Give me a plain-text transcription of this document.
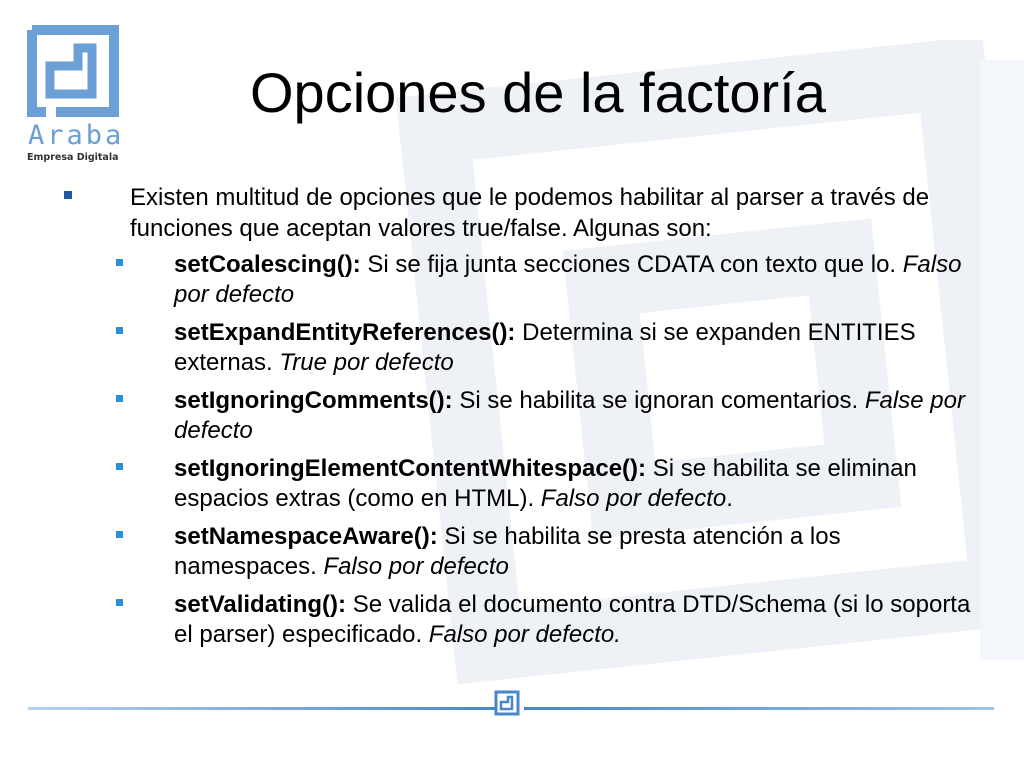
Araba
Empresa Digitala
Opciones de la factoría
Existen multitud de opciones que le podemos habilitar al parser a través de funciones que aceptan valores true/false. Algunas son:
setCoalescing(): Si se fija junta secciones CDATA con texto que lo. Falso por defecto
setExpandEntityReferences(): Determina si se expanden ENTITIES externas. True por defecto
setIgnoringComments(): Si se habilita se ignoran comentarios. False por defecto
setIgnoringElementContentWhitespace(): Si se habilita se eliminan espacios extras (como en HTML). Falso por defecto.
setNamespaceAware(): Si se habilita se presta atención a los namespaces. Falso por defecto
setValidating(): Se valida el documento contra DTD/Schema (si lo soporta el parser) especificado. Falso por defecto.
